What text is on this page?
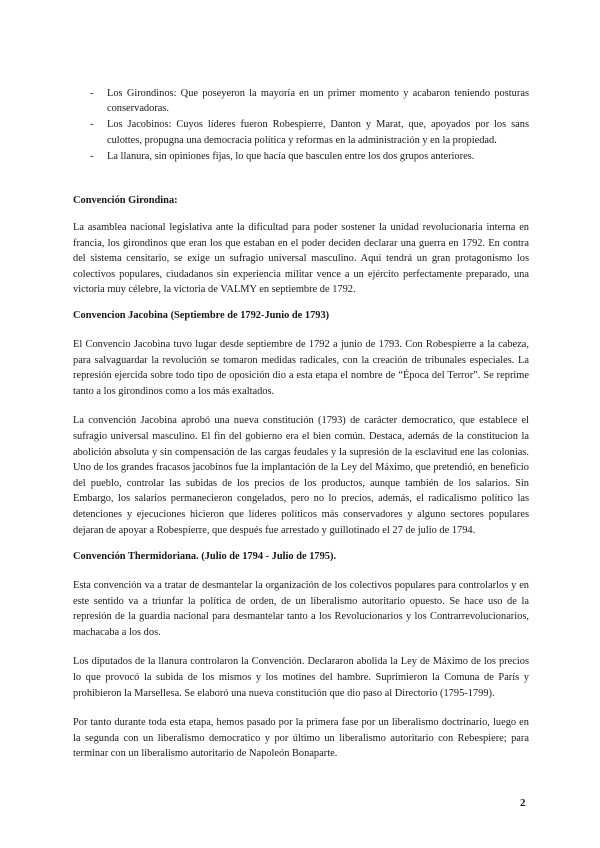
- Los Girondinos: Que poseyeron la mayoría en un primer momento y acabaron teniendo posturas conservadoras.
- Los Jacobinos: Cuyos líderes fueron Robespierre, Danton y Marat, que, apoyados por los sans culottes, propugna una democracia política y reformas en la administración y en la propiedad.
- La llanura, sin opiniones fijas, lo que hacía que basculen entre los dos grupos anteriores.
Convención Girondina:

La asamblea nacional legislativa ante la dificultad para poder sostener la unidad revolucionaria interna en francia, los girondinos que eran los que estaban en el poder deciden declarar una guerra en 1792. En contra del sistema censitario, se exige un sufragio universal masculino. Aquí tendrá un gran protagonismo los colectivos populares, ciudadanos sin experiencia militar vence a un ejército perfectamente preparado, una victoria muy célebre, la victoria de VALMY en septiembre de 1792.

Convencion Jacobina (Septiembre de 1792-Junio de 1793)

El Convencio Jacobina tuvo lugar desde septiembre de 1792 a junio de 1793. Con Robespierre a la cabeza, para salvaguardar la revolución se tomaron medidas radicales, con la creación de tribunales especiales. La represión ejercida sobre todo tipo de oposición dio a esta etapa el nombre de “Época del Terror”. Se reprime tanto a los girondinos como a los más exaltados.

La convención Jacobina aprobó una nueva constitución (1793) de carácter democratico, que establece el sufragio universal masculino. El fin del gobierno era el bien común. Destaca, además de la constitucion la abolición absoluta y sin compensación de las cargas feudales y la supresión de la esclavitud ene las colonias. Uno de los grandes fracasos jacobinos fue la implantación de la Ley del Máximo, que pretendió, en beneficio del pueblo, controlar las subidas de los precios de los productos, aunque también de los salarios. Sin Embargo, los salarios permanecieron congelados, pero no lo precios, además, el radicalismo político las detenciones y ejecuciones hicieron que líderes políticos más conservadores y alguno sectores populares dejaran de apoyar a Robespierre, que después fue arrestado y guillotinado el 27 de julio de 1794.

Convención Thermidoriana. (Julio de 1794 - Julio de 1795).

Esta convención va a tratar de desmantelar la organización de los colectivos populares para controlarlos y en este sentido va a triunfar la política de orden, de un liberalismo autoritario opuesto. Se hace uso de la represión de la guardia nacional para desmantelar tanto a los Revolucionarios y los Contrarrevolucionarios, machacaba a los dos.

Los diputados de la llanura controlaron la Convención. Declararon abolida la Ley de Máximo de los precios lo que provocó la subida de los mismos y los motines del hambre. Suprimieron la Comuna de París y prohibieron la Marsellesa. Se elaboró una nueva constitución que dio paso al Directorio (1795-1799).

Por tanto durante toda esta etapa, hemos pasado por la primera fase por un liberalismo doctrinario, luego en la segunda con un liberalismo democratico y por último un liberalismo autoritario con Rebespiere; para terminar con un liberalismo autoritario de Napoleón Bonaparte.

2
